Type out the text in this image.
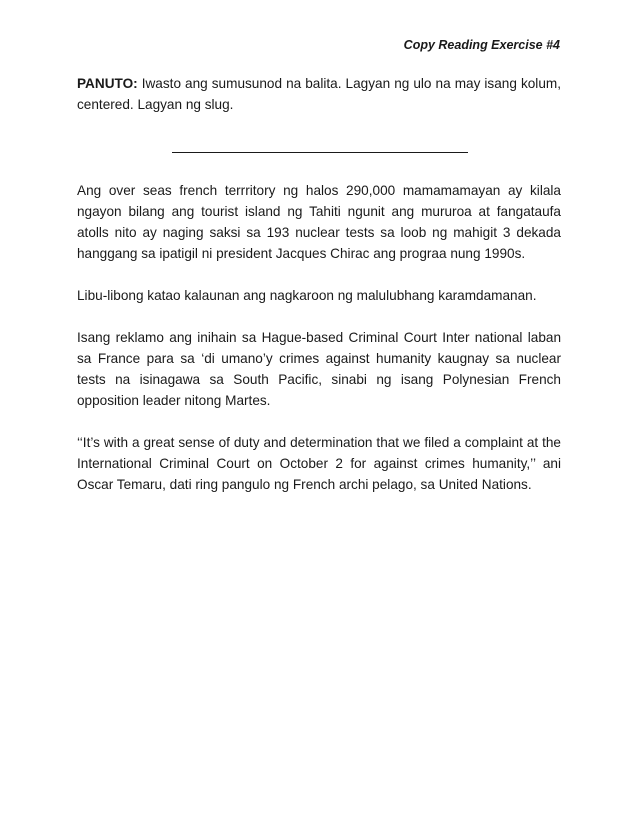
Copy Reading Exercise #4
PANUTO: Iwasto ang sumusunod na balita. Lagyan ng ulo na may isang kolum, centered. Lagyan ng slug.

Ang over seas french terrritory ng halos 290,000 mamamamayan ay kilala ngayon bilang ang tourist island ng Tahiti ngunit ang mururoa at fangataufa atolls nito ay naging saksi sa 193 nuclear tests sa loob ng mahigit 3 dekada hanggang sa ipatigil ni president Jacques Chirac ang prograa nung 1990s.

Libu-libong katao kalaunan ang nagkaroon ng malulubhang karamdamanan.

Isang reklamo ang inihain sa Hague-based Criminal Court Inter national laban sa France para sa ‘di umano’y crimes against humanity kaugnay sa nuclear tests na isinagawa sa South Pacific, sinabi ng isang Polynesian French opposition leader nitong Martes.

‘‘It’s with a great sense of duty and determination that we filed a complaint at the International Criminal Court on October 2 for against crimes humanity,’’ ani Oscar Temaru, dati ring pangulo ng French archi pelago, sa United Nations.
